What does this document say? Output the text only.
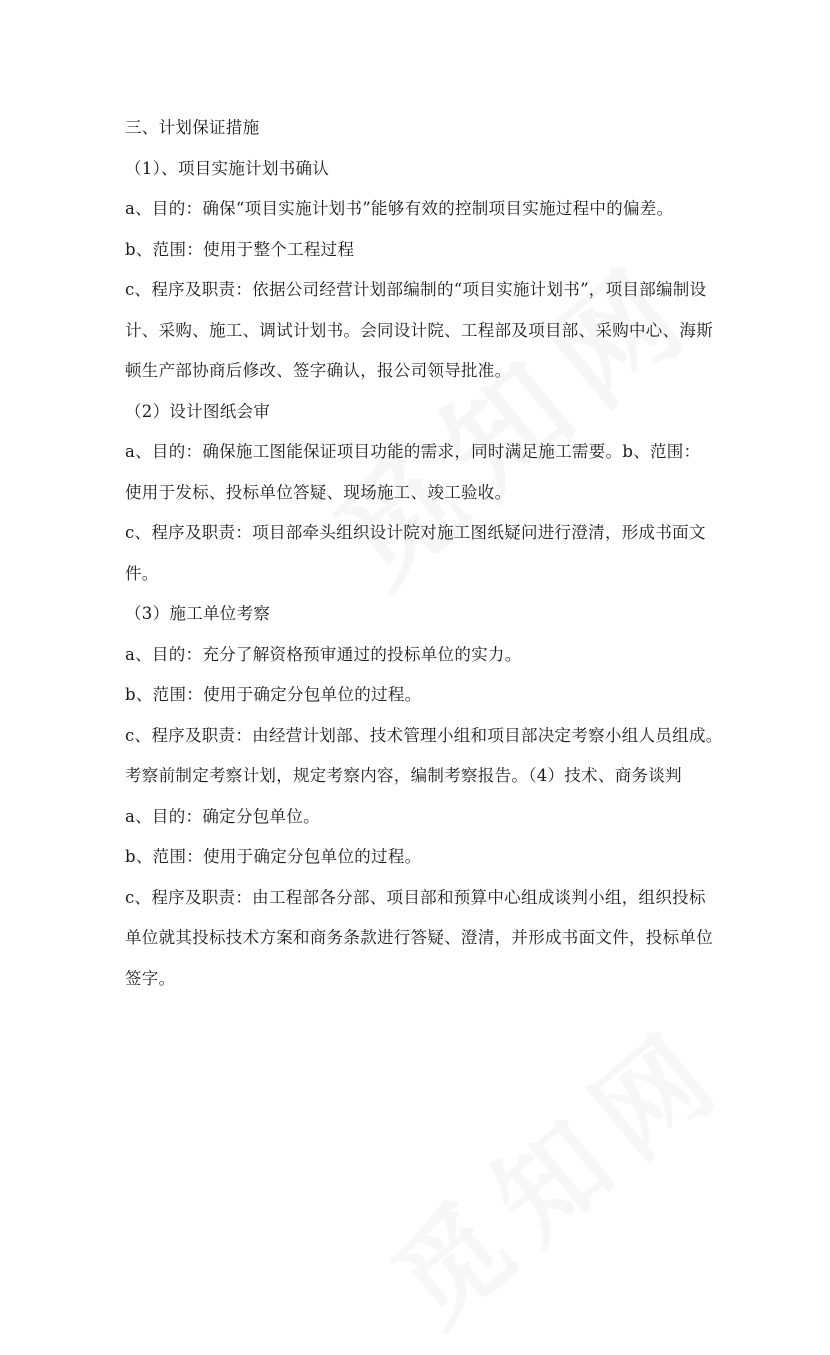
三、计划保证措施
（1）、项目实施计划书确认
a、目的：确保“项目实施计划书”能够有效的控制项目实施过程中的偏差。
b、范围：使用于整个工程过程
c、程序及职责：依据公司经营计划部编制的“项目实施计划书”，项目部编制设
计、采购、施工、调试计划书。会同设计院、工程部及项目部、采购中心、海斯
顿生产部协商后修改、签字确认，报公司领导批准。
（2）设计图纸会审
a、目的：确保施工图能保证项目功能的需求，同时满足施工需要。b、范围：
使用于发标、投标单位答疑、现场施工、竣工验收。
c、程序及职责：项目部牵头组织设计院对施工图纸疑问进行澄清，形成书面文
件。
（3）施工单位考察
a、目的：充分了解资格预审通过的投标单位的实力。
b、范围：使用于确定分包单位的过程。
c、程序及职责：由经营计划部、技术管理小组和项目部决定考察小组人员组成。
考察前制定考察计划，规定考察内容，编制考察报告。（4）技术、商务谈判
a、目的：确定分包单位。
b、范围：使用于确定分包单位的过程。
c、程序及职责：由工程部各分部、项目部和预算中心组成谈判小组，组织投标
单位就其投标技术方案和商务条款进行答疑、澄清，并形成书面文件，投标单位
签字。
